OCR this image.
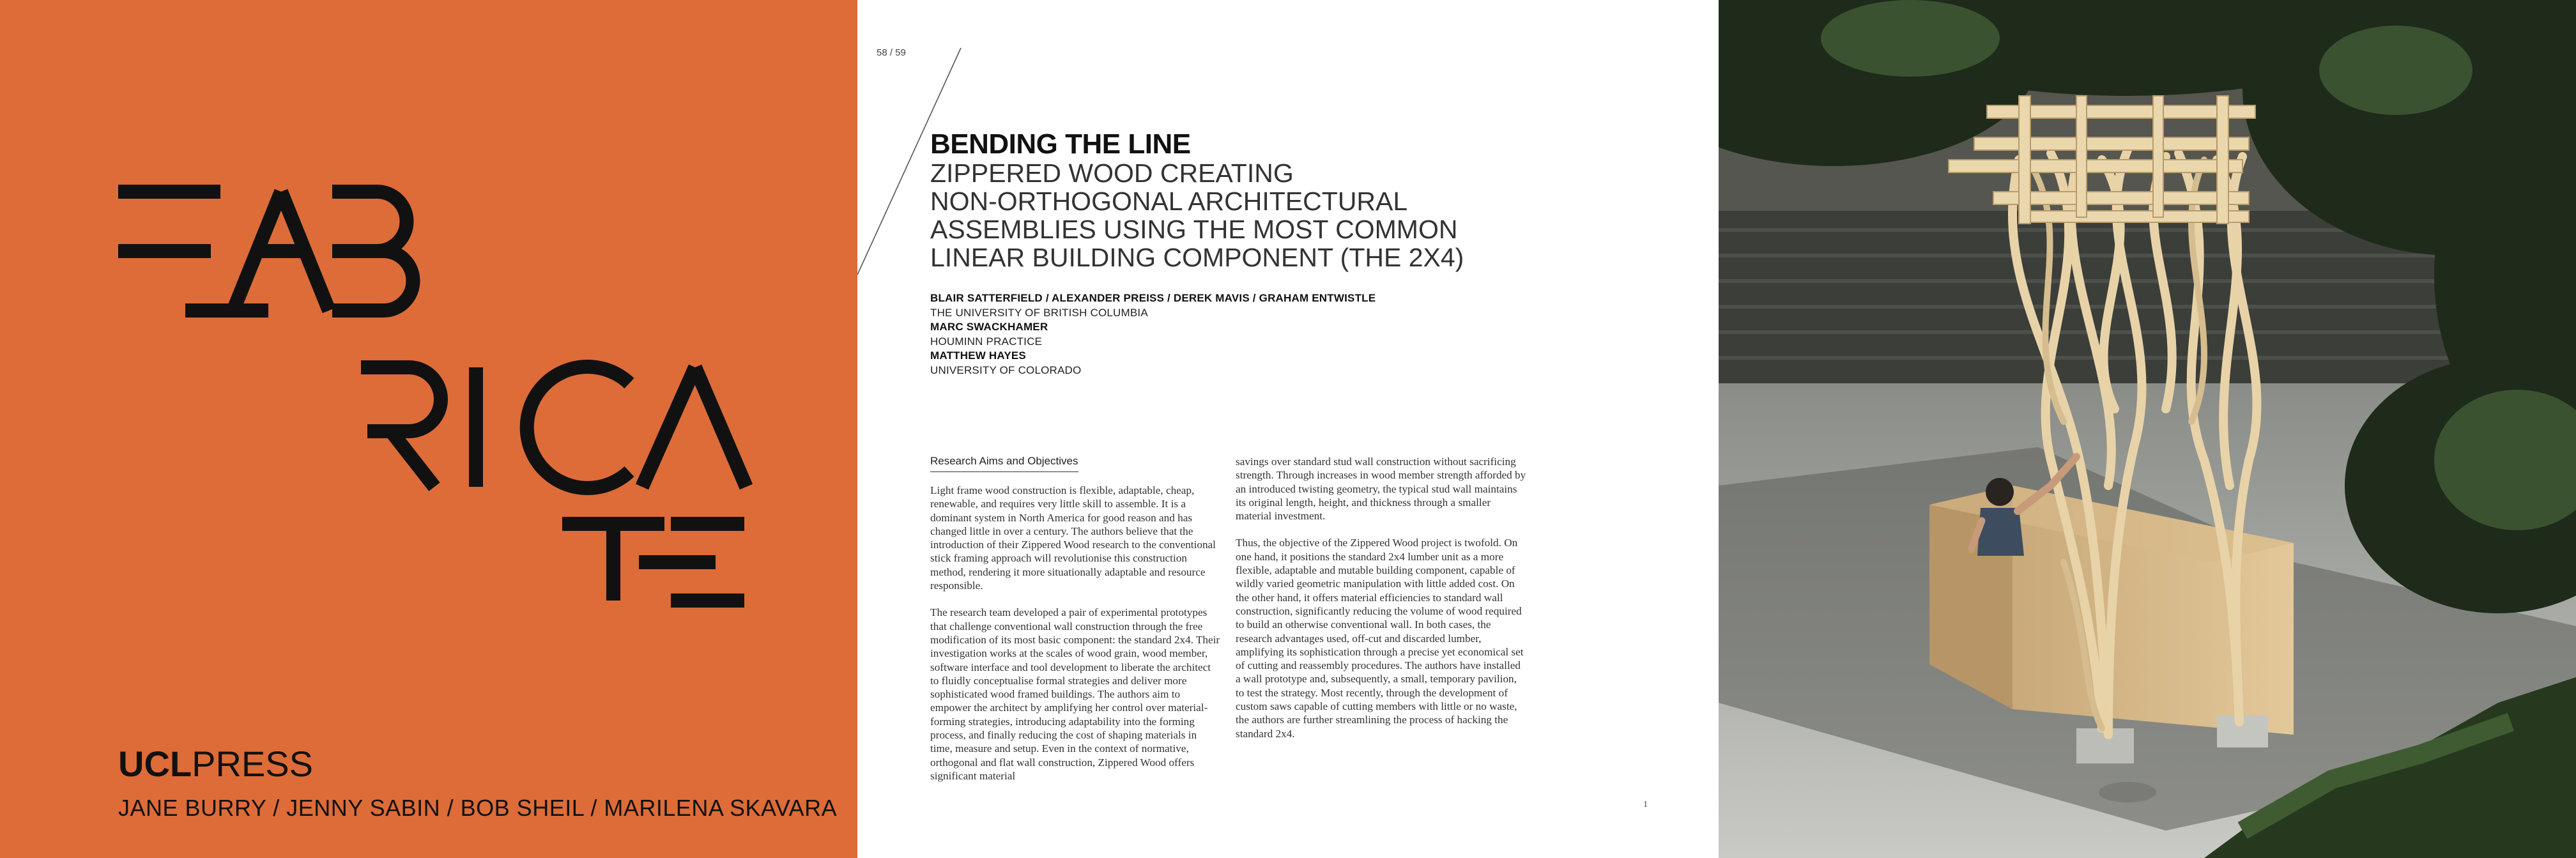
UCLPRESS
JANE BURRY / JENNY SABIN / BOB SHEIL / MARILENA SKAVARA
58 / 59
BENDING THE LINE
ZIPPERED WOOD CREATING
NON-ORTHOGONAL ARCHITECTURAL
ASSEMBLIES USING THE MOST COMMON
LINEAR BUILDING COMPONENT (THE 2X4)
BLAIR SATTERFIELD / ALEXANDER PREISS / DEREK MAVIS / GRAHAM ENTWISTLE
THE UNIVERSITY OF BRITISH COLUMBIA
MARC SWACKHAMER
HOUMINN PRACTICE
MATTHEW HAYES
UNIVERSITY OF COLORADO
Research Aims and Objectives

Light frame wood construction is flexible, adaptable, cheap, renewable, and requires very little skill to assemble. It is a dominant system in North America for good reason and has changed little in over a century. The authors believe that the introduction of their Zippered Wood research to the conventional stick framing approach will revolutionise this construction method, rendering it more situationally adaptable and resource responsible.

The research team developed a pair of experimental prototypes that challenge conventional wall construction through the free modification of its most basic component: the standard 2x4. Their investigation works at the scales of wood grain, wood member, software interface and tool development to liberate the architect to fluidly conceptualise formal strategies and deliver more sophisticated wood framed buildings. The authors aim to empower the architect by amplifying her control over material-forming strategies, introducing adaptability into the forming process, and finally reducing the cost of shaping materials in time, measure and setup. Even in the context of normative, orthogonal and flat wall construction, Zippered Wood offers significant material

savings over standard stud wall construction without sacrificing strength. Through increases in wood member strength afforded by an introduced twisting geometry, the typical stud wall maintains its original length, height, and thickness through a smaller material investment.

Thus, the objective of the Zippered Wood project is twofold. On one hand, it positions the standard 2x4 lumber unit as a more flexible, adaptable and mutable building component, capable of wildly varied geometric manipulation with little added cost. On the other hand, it offers material efficiencies to standard wall construction, significantly reducing the volume of wood required to build an otherwise conventional wall. In both cases, the research advantages used, off-cut and discarded lumber, amplifying its sophistication through a precise yet economical set of cutting and reassembly procedures. The authors have installed a wall prototype and, subsequently, a small, temporary pavilion, to test the strategy. Most recently, through the development of custom saws capable of cutting members with little or no waste, the authors are further streamlining the process of hacking the standard 2x4.

1
